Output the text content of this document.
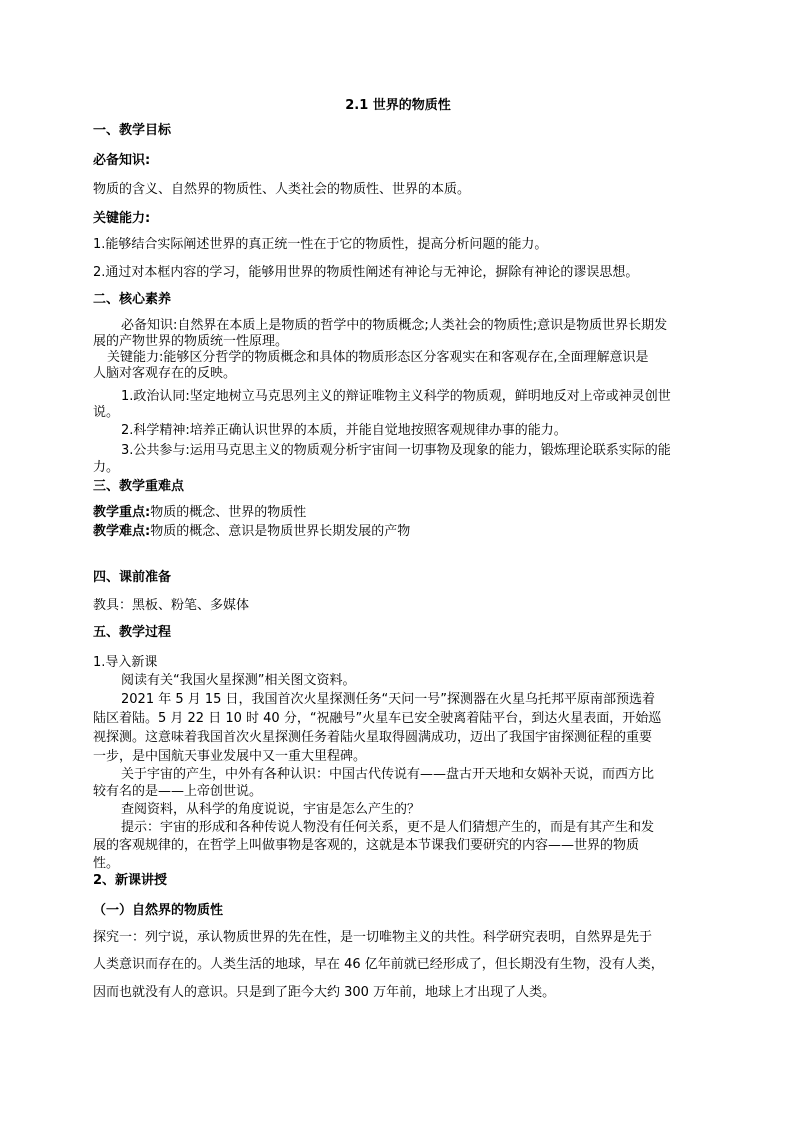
2.1 世界的物质性
一、教学目标
必备知识:
物质的含义、自然界的物质性、人类社会的物质性、世界的本质。
关键能力:
1.能够结合实际阐述世界的真正统一性在于它的物质性，提高分析问题的能力。
2.通过对本框内容的学习，能够用世界的物质性阐述有神论与无神论，摒除有神论的谬误思想。
二、核心素养
必备知识:自然界在本质上是物质的哲学中的物质概念;人类社会的物质性;意识是物质世界长期发
展的产物世界的物质统一性原理。
关键能力:能够区分哲学的物质概念和具体的物质形态区分客观实在和客观存在,全面理解意识是
人脑对客观存在的反映。
1.政治认同:坚定地树立马克思列主义的辩证唯物主义科学的物质观，鲜明地反对上帝或神灵创世
说。
2.科学精神:培养正确认识世界的本质，并能自觉地按照客观规律办事的能力。
3.公共参与:运用马克思主义的物质观分析宇宙间一切事物及现象的能力，锻炼理论联系实际的能
力。
三、教学重难点
教学重点:物质的概念、世界的物质性
教学难点:物质的概念、意识是物质世界长期发展的产物
四、课前准备
教具：黑板、粉笔、多媒体
五、教学过程
1.导入新课
阅读有关“我国火星探测”相关图文资料。
2021 年 5 月 15 日，我国首次火星探测任务“天问一号”探测器在火星乌托邦平原南部预选着
陆区着陆。5 月 22 日 10 时 40 分，“祝融号”火星车已安全驶离着陆平台，到达火星表面，开始巡
视探测。这意味着我国首次火星探测任务着陆火星取得圆满成功，迈出了我国宇宙探测征程的重要
一步，是中国航天事业发展中又一重大里程碑。
关于宇宙的产生，中外有各种认识：中国古代传说有——盘古开天地和女娲补天说，而西方比
较有名的是——上帝创世说。
查阅资料，从科学的角度说说，宇宙是怎么产生的？
提示：宇宙的形成和各种传说人物没有任何关系，更不是人们猜想产生的，而是有其产生和发
展的客观规律的，在哲学上叫做事物是客观的，这就是本节课我们要研究的内容——世界的物质
性。
2、新课讲授
（一）自然界的物质性
探究一：列宁说，承认物质世界的先在性，是一切唯物主义的共性。科学研究表明，自然界是先于
人类意识而存在的。人类生活的地球，早在 46 亿年前就已经形成了，但长期没有生物，没有人类，
因而也就没有人的意识。只是到了距今大约 300 万年前，地球上才出现了人类。
